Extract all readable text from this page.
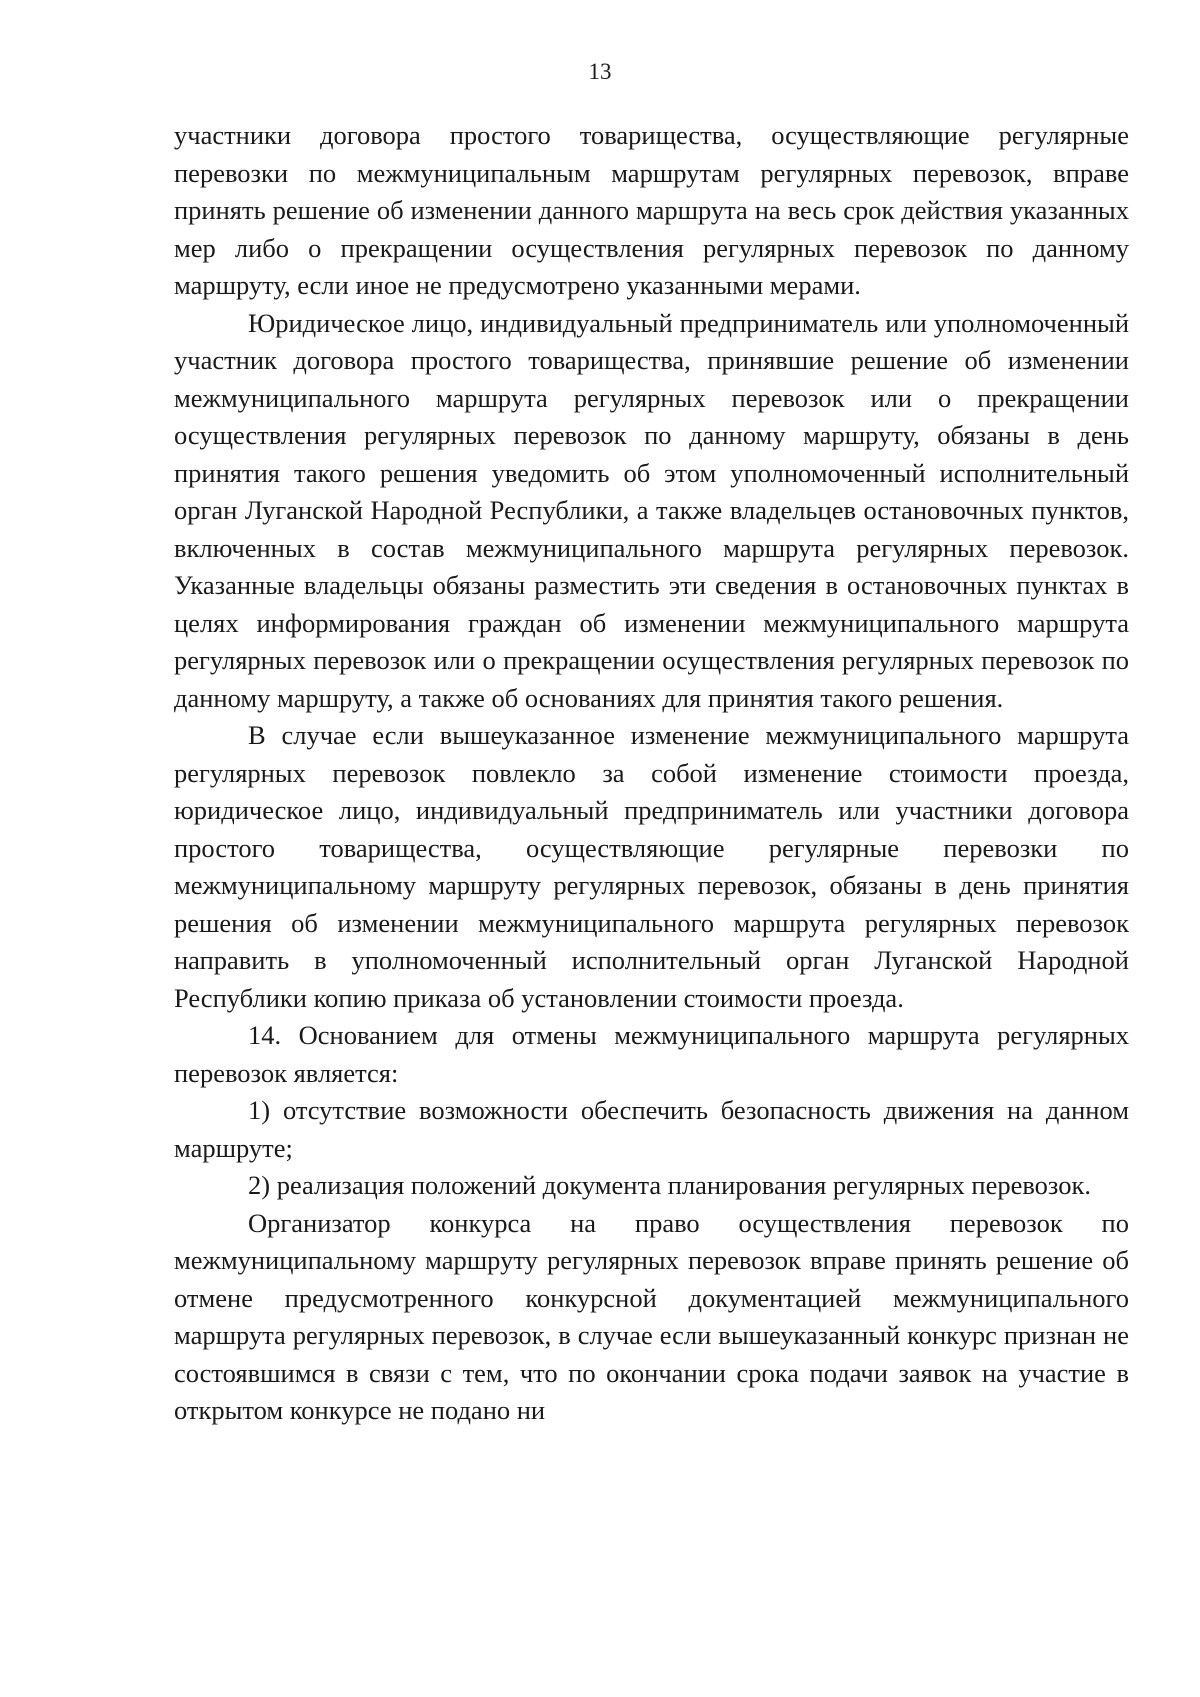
13

участники договора простого товарищества, осуществляющие регулярные перевозки по межмуниципальным маршрутам регулярных перевозок, вправе принять решение об изменении данного маршрута на весь срок действия указанных мер либо о прекращении осуществления регулярных перевозок по данному маршруту, если иное не предусмотрено указанными мерами.

Юридическое лицо, индивидуальный предприниматель или уполномоченный участник договора простого товарищества, принявшие решение об изменении межмуниципального маршрута регулярных перевозок или о прекращении осуществления регулярных перевозок по данному маршруту, обязаны в день принятия такого решения уведомить об этом уполномоченный исполнительный орган Луганской Народной Республики, а также владельцев остановочных пунктов, включенных в состав межмуниципального маршрута регулярных перевозок. Указанные владельцы обязаны разместить эти сведения в остановочных пунктах в целях информирования граждан об изменении межмуниципального маршрута регулярных перевозок или о прекращении осуществления регулярных перевозок по данному маршруту, а также об основаниях для принятия такого решения.

В случае если вышеуказанное изменение межмуниципального маршрута регулярных перевозок повлекло за собой изменение стоимости проезда, юридическое лицо, индивидуальный предприниматель или участники договора простого товарищества, осуществляющие регулярные перевозки по межмуниципальному маршруту регулярных перевозок, обязаны в день принятия решения об изменении межмуниципального маршрута регулярных перевозок направить в уполномоченный исполнительный орган Луганской Народной Республики копию приказа об установлении стоимости проезда.

14. Основанием для отмены межмуниципального маршрута регулярных перевозок является:

1) отсутствие возможности обеспечить безопасность движения на данном маршруте;

2) реализация положений документа планирования регулярных перевозок.

Организатор конкурса на право осуществления перевозок по межмуниципальному маршруту регулярных перевозок вправе принять решение об отмене предусмотренного конкурсной документацией межмуниципального маршрута регулярных перевозок, в случае если вышеуказанный конкурс признан не состоявшимся в связи с тем, что по окончании срока подачи заявок на участие в открытом конкурсе не подано ни
